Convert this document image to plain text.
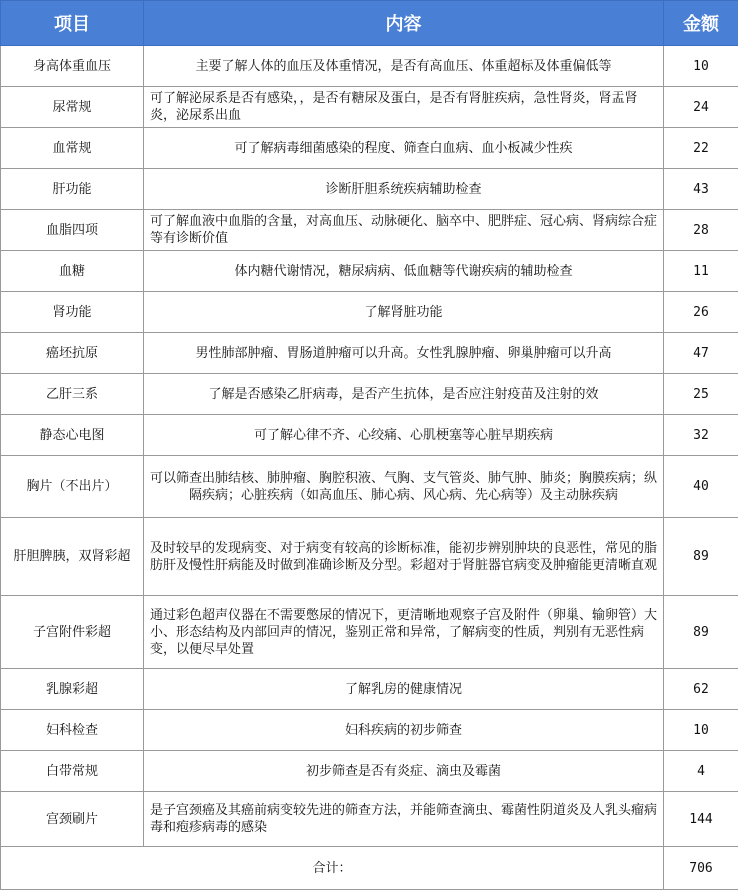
项目	内容	金额
身高体重血压	主要了解人体的血压及体重情况，是否有高血压、体重超标及体重偏低等	10
尿常规	可了解泌尿系是否有感染，，是否有糖尿及蛋白，是否有肾脏疾病，急性肾炎，肾盂肾炎，泌尿系出血	24
血常规	可了解病毒细菌感染的程度、筛查白血病、血小板减少性疾	22
肝功能	诊断肝胆系统疾病辅助检查	43
血脂四项	可了解血液中血脂的含量，对高血压、动脉硬化、脑卒中、肥胖症、冠心病、肾病综合症等有诊断价值	28
血糖	体内糖代谢情况，糖尿病病、低血糖等代谢疾病的辅助检查	11
肾功能	了解肾脏功能	26
癌坯抗原	男性肺部肿瘤、胃肠道肿瘤可以升高。女性乳腺肿瘤、卵巢肿瘤可以升高	47
乙肝三系	了解是否感染乙肝病毒，是否产生抗体，是否应注射疫苗及注射的效	25
静态心电图	可了解心律不齐、心绞痛、心肌梗塞等心脏早期疾病	32
胸片（不出片）	可以筛查出肺结核、肺肿瘤、胸腔积液、气胸、支气管炎、肺气肿、肺炎；胸膜疾病；纵隔疾病；心脏疾病（如高血压、肺心病、风心病、先心病等）及主动脉疾病	40
肝胆脾胰，双肾彩超	及时较早的发现病变、对于病变有较高的诊断标准，能初步辨别肿块的良恶性，常见的脂肪肝及慢性肝病能及时做到准确诊断及分型。彩超对于肾脏器官病变及肿瘤能更清晰直观	89
子宫附件彩超	通过彩色超声仪器在不需要憋尿的情况下，更清晰地观察子宫及附件（卵巢、输卵管）大小、形态结构及内部回声的情况，鉴别正常和异常，了解病变的性质，判别有无恶性病变，以便尽早处置	89
乳腺彩超	了解乳房的健康情况	62
妇科检查	妇科疾病的初步筛查	10
白带常规	初步筛查是否有炎症、滴虫及霉菌	4
宫颈刷片	是子宫颈癌及其癌前病变较先进的筛查方法，并能筛查滴虫、霉菌性阴道炎及人乳头瘤病毒和疱疹病毒的感染	144
合计：		706
